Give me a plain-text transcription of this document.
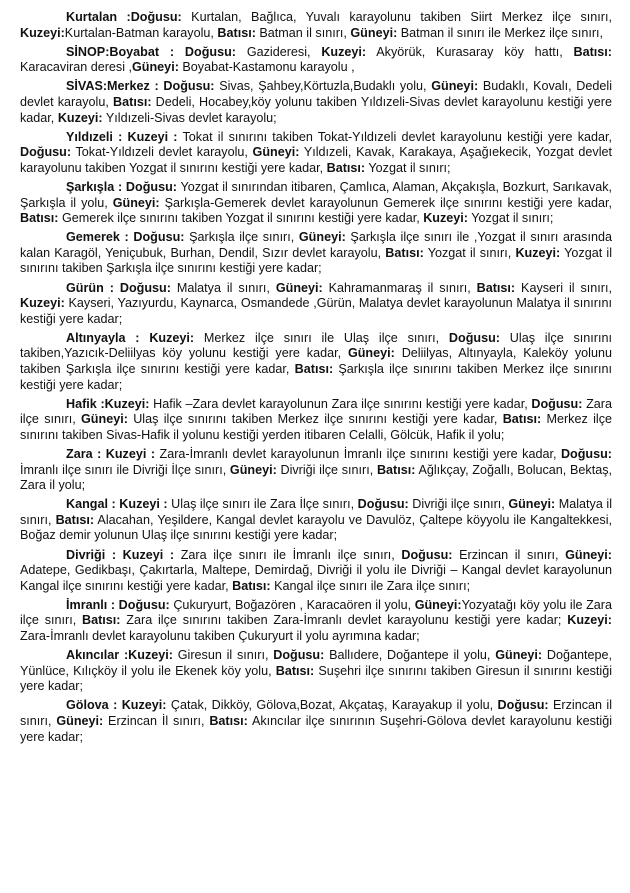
Kurtalan :Doğusu: Kurtalan, Bağlıca, Yuvalı karayolunu takiben Siirt Merkez ilçe sınırı, Kuzeyi:Kurtalan-Batman karayolu, Batısı: Batman il sınırı, Güneyi: Batman il sınırı ile Merkez ilçe sınırı,

SİNOP:Boyabat : Doğusu: Gazideresi, Kuzeyi: Akyörük, Kurasaray köy hattı, Batısı: Karacaviran deresi ,Güneyi: Boyabat-Kastamonu karayolu ,

SİVAS:Merkez : Doğusu: Sivas, Şahbey,Körtuzla,Budaklı yolu, Güneyi: Budaklı, Kovalı, Dedeli devlet karayolu, Batısı: Dedeli, Hocabey,köy yolunu takiben Yıldızeli-Sivas devlet karayolunu kestiği yere kadar, Kuzeyi: Yıldızeli-Sivas devlet karayolu;

Yıldızeli : Kuzeyi : Tokat il sınırını takiben Tokat-Yıldızeli devlet karayolunu kestiği yere kadar, Doğusu: Tokat-Yıldızeli devlet karayolu, Güneyi: Yıldızeli, Kavak, Karakaya, Aşağıekecik, Yozgat devlet karayolunu takiben Yozgat il sınırını kestiği yere kadar, Batısı: Yozgat il sınırı;

Şarkışla : Doğusu: Yozgat il sınırından itibaren, Çamlıca, Alaman, Akçakışla, Bozkurt, Sarıkavak, Şarkışla il yolu, Güneyi: Şarkışla-Gemerek devlet karayolunun Gemerek ilçe sınırını kestiği yere kadar, Batısı: Gemerek ilçe sınırını takiben Yozgat il sınırını kestiği yere kadar, Kuzeyi: Yozgat il sınırı;

Gemerek : Doğusu: Şarkışla ilçe sınırı, Güneyi: Şarkışla ilçe sınırı ile ,Yozgat il sınırı arasında kalan Karagöl, Yeniçubuk, Burhan, Dendil, Sızır devlet karayolu, Batısı: Yozgat il sınırı, Kuzeyi: Yozgat il sınırını takiben Şarkışla ilçe sınırını kestiği yere kadar;

Gürün : Doğusu: Malatya il sınırı, Güneyi: Kahramanmaraş il sınırı, Batısı: Kayseri il sınırı, Kuzeyi: Kayseri, Yazıyurdu, Kaynarca, Osmandede ,Gürün, Malatya devlet karayolunun Malatya il sınırını kestiği yere kadar;

Altınyayla : Kuzeyi: Merkez ilçe sınırı ile Ulaş ilçe sınırı, Doğusu: Ulaş ilçe sınırını takiben,Yazıcık-Deliilyas köy yolunu kestiği yere kadar, Güneyi: Deliilyas, Altınyayla, Kaleköy yolunu takiben Şarkışla ilçe sınırını kestiği yere kadar, Batısı: Şarkışla ilçe sınırını takiben Merkez ilçe sınırını kestiği yere kadar;

Hafik :Kuzeyi: Hafik –Zara devlet karayolunun Zara ilçe sınırını kestiği yere kadar, Doğusu: Zara ilçe sınırı, Güneyi: Ulaş ilçe sınırını takiben Merkez ilçe sınırını kestiği yere kadar, Batısı: Merkez ilçe sınırını takiben Sivas-Hafik il yolunu kestiği yerden itibaren Celalli, Gölcük, Hafik il yolu;

Zara : Kuzeyi : Zara-İmranlı devlet karayolunun İmranlı ilçe sınırını kestiği yere kadar, Doğusu: İmranlı ilçe sınırı ile Divriği İlçe sınırı, Güneyi: Divriği ilçe sınırı, Batısı: Ağlıkçay, Zoğallı, Bolucan, Bektaş, Zara il yolu;

Kangal : Kuzeyi : Ulaş ilçe sınırı ile Zara İlçe sınırı, Doğusu: Divriği ilçe sınırı, Güneyi: Malatya il sınırı, Batısı: Alacahan, Yeşildere, Kangal devlet karayolu ve Davulöz, Çaltepe köyyolu ile Kangaltekkesi, Boğaz demir yolunun Ulaş ilçe sınırını kestiği yere kadar;

Divriği : Kuzeyi : Zara ilçe sınırı ile İmranlı ilçe sınırı, Doğusu: Erzincan il sınırı, Güneyi: Adatepe, Gedikbaşı, Çakırtarla, Maltepe, Demirdağ, Divriği il yolu ile Divriği – Kangal devlet karayolunun Kangal ilçe sınırını kestiği yere kadar, Batısı: Kangal ilçe sınırı ile Zara ilçe sınırı;

İmranlı : Doğusu: Çukuryurt, Boğazören , Karacaören il yolu, Güneyi:Yozyatağı köy yolu ile Zara ilçe sınırı, Batısı: Zara ilçe sınırını takiben Zara-İmranlı devlet karayolunu kestiği yere kadar; Kuzeyi: Zara-İmranlı devlet karayolunu takiben Çukuryurt il yolu ayrımına kadar;

Akıncılar :Kuzeyi: Giresun il sınırı, Doğusu: Ballıdere, Doğantepe il yolu, Güneyi: Doğantepe, Yünlüce, Kılıçköy il yolu ile Ekenek köy yolu, Batısı: Suşehri ilçe sınırını takiben Giresun il sınırını kestiği yere kadar;

Gölova : Kuzeyi: Çatak, Dikköy, Gölova,Bozat, Akçataş, Karayakup il yolu, Doğusu: Erzincan il sınırı, Güneyi: Erzincan İl sınırı, Batısı: Akıncılar ilçe sınırının Suşehri-Gölova devlet karayolunu kestiği yere kadar;
